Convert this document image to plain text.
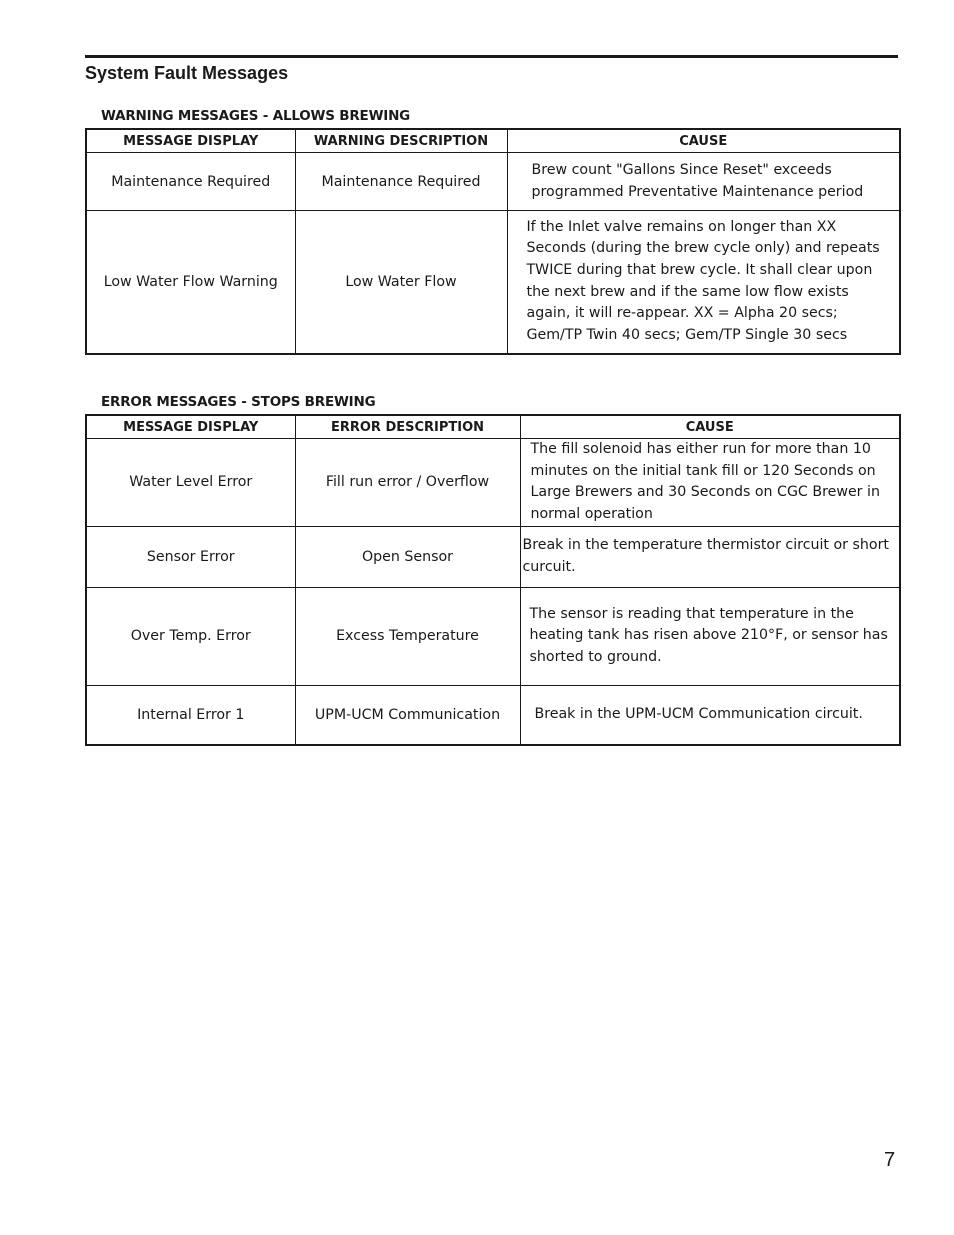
System Fault Messages
WARNING MESSAGES - ALLOWS BREWING
MESSAGE DISPLAY	WARNING DESCRIPTION	CAUSE
Maintenance Required	Maintenance Required	Brew count "Gallons Since Reset" exceeds programmed Preventative Maintenance period
Low Water Flow Warning	Low Water Flow	If the Inlet valve remains on longer than XX Seconds (during the brew cycle only) and repeats TWICE during that brew cycle. It shall clear upon the next brew and if the same low flow exists again, it will re-appear. XX = Alpha 20 secs; Gem/TP Twin 40 secs; Gem/TP Single 30 secs
ERROR MESSAGES - STOPS BREWING
MESSAGE DISPLAY	ERROR DESCRIPTION	CAUSE
Water Level Error	Fill run error / Overflow	The fill solenoid has either run for more than 10 minutes on the initial tank fill or 120 Seconds on Large Brewers and 30 Seconds on CGC Brewer in normal operation
Sensor Error	Open Sensor	Break in the temperature thermistor circuit or short curcuit.
Over Temp. Error	Excess Temperature	The sensor is reading that temperature in the heating tank has risen above 210°F, or sensor has shorted to ground.
Internal Error 1	UPM-UCM Communication	Break in the UPM-UCM Communication circuit.
7
